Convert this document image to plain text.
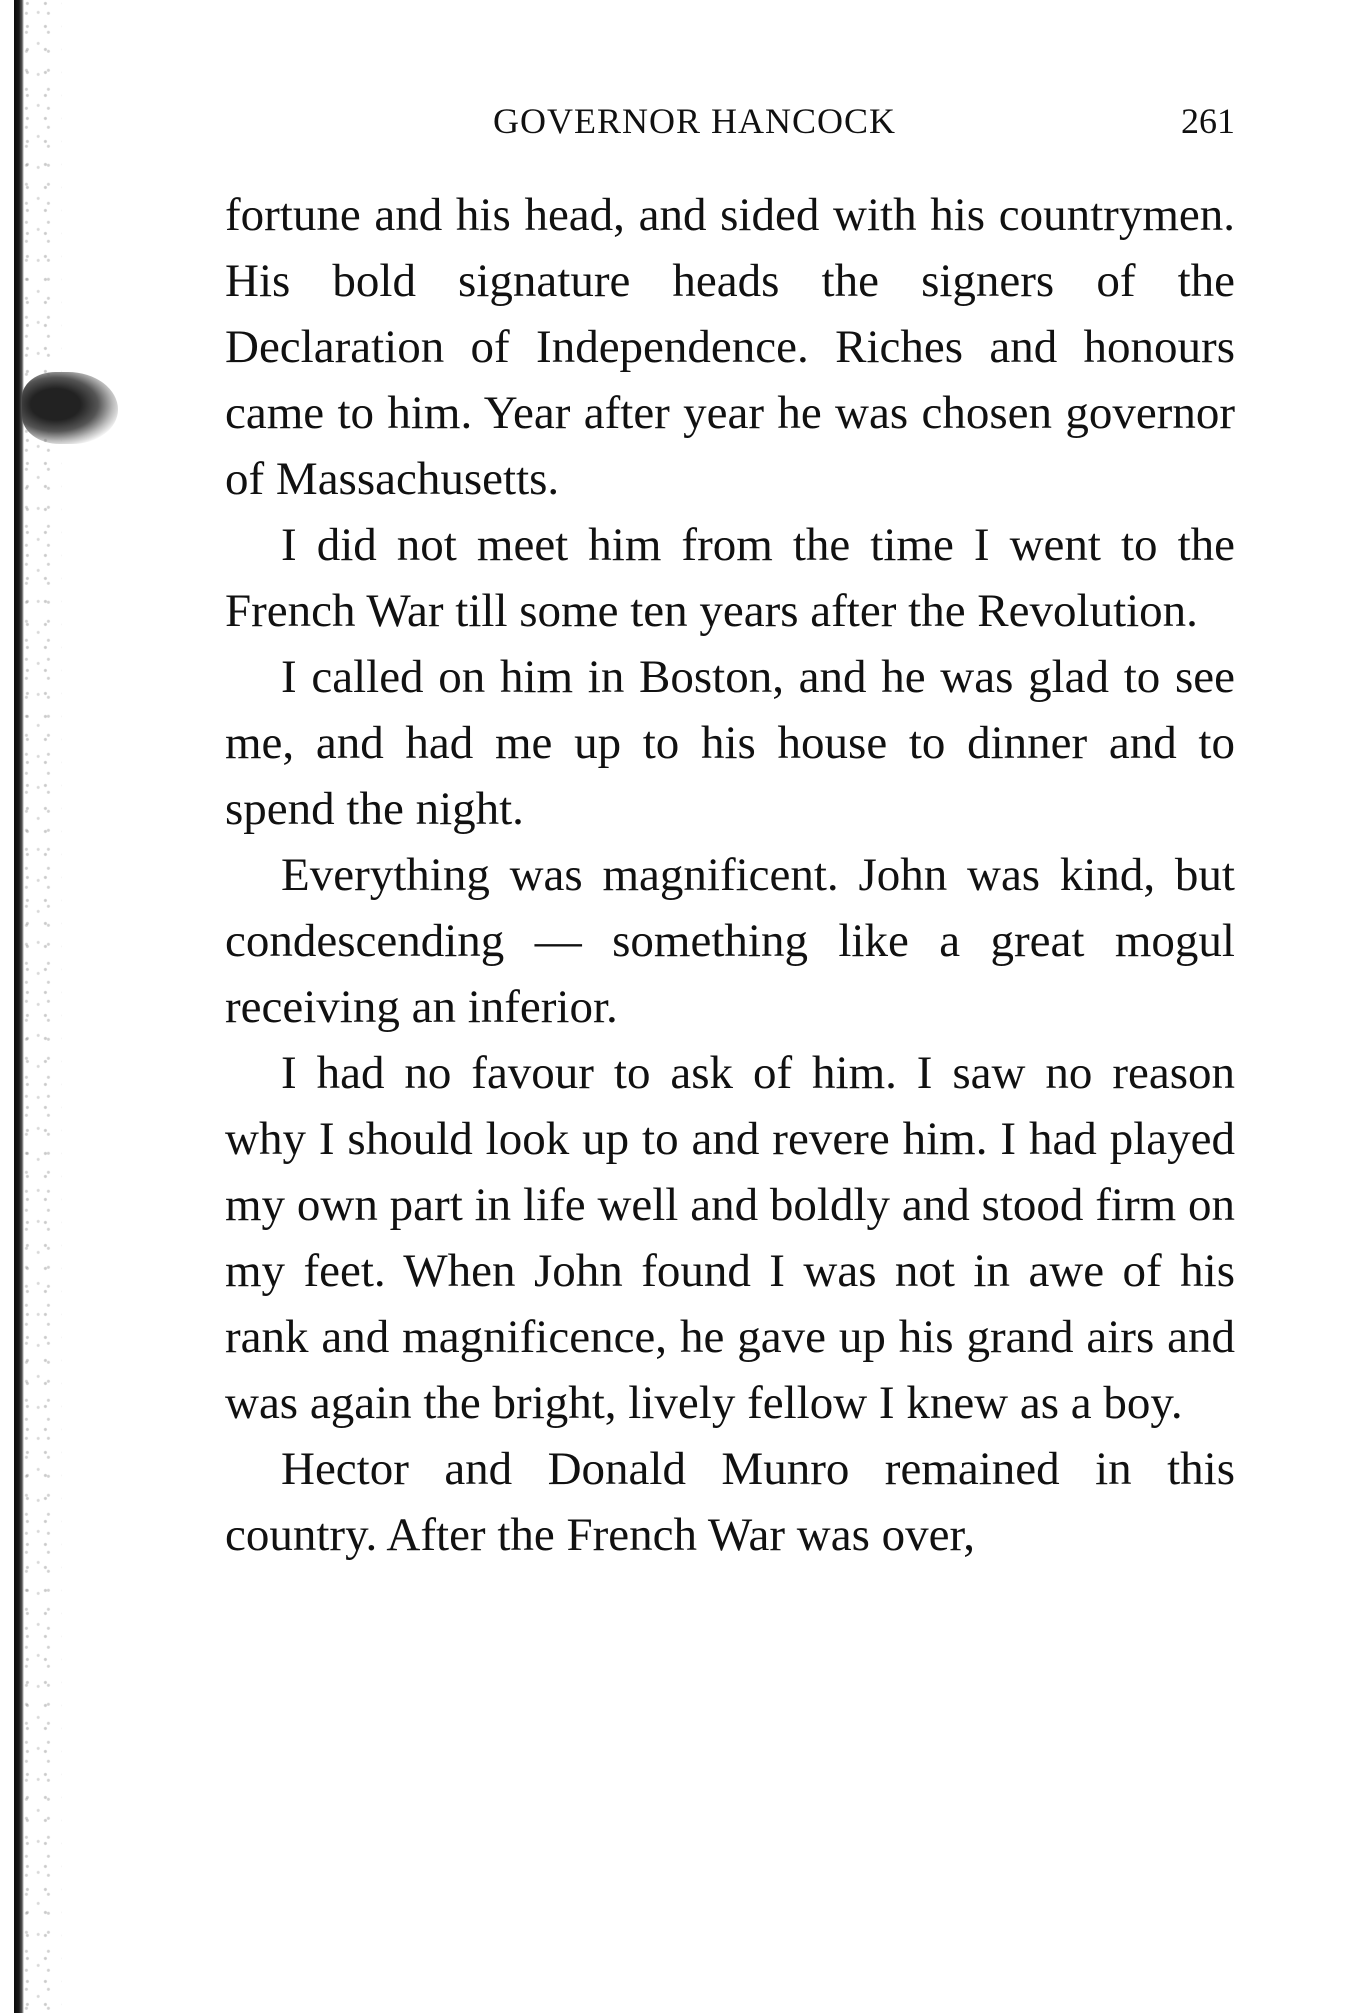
GOVERNOR HANCOCK	261

fortune and his head, and sided with his countrymen. His bold signature heads the signers of the Declaration of Independence. Riches and honours came to him. Year after year he was chosen governor of Massachusetts.

I did not meet him from the time I went to the French War till some ten years after the Revolution.

I called on him in Boston, and he was glad to see me, and had me up to his house to dinner and to spend the night.

Everything was magnificent. John was kind, but condescending — something like a great mogul receiving an inferior.

I had no favour to ask of him. I saw no reason why I should look up to and revere him. I had played my own part in life well and boldly and stood firm on my feet. When John found I was not in awe of his rank and magnificence, he gave up his grand airs and was again the bright, lively fellow I knew as a boy.

Hector and Donald Munro remained in this country. After the French War was over,
